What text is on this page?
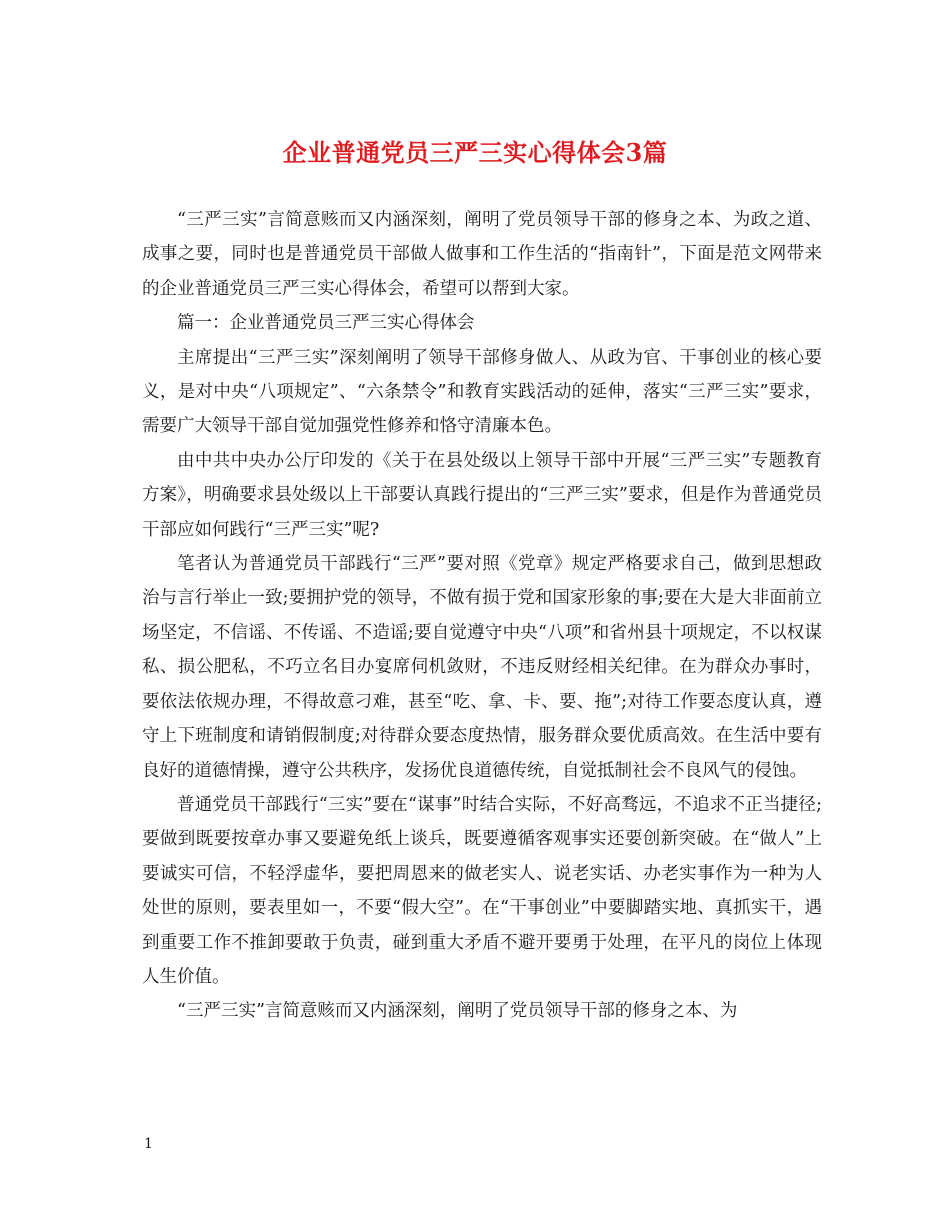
企业普通党员三严三实心得体会3篇

“三严三实”言简意赅而又内涵深刻，阐明了党员领导干部的修身之本、为政之道、成事之要，同时也是普通党员干部做人做事和工作生活的“指南针”，下面是范文网带来的企业普通党员三严三实心得体会，希望可以帮到大家。

篇一：企业普通党员三严三实心得体会

主席提出“三严三实”深刻阐明了领导干部修身做人、从政为官、干事创业的核心要义，是对中央“八项规定”、“六条禁令”和教育实践活动的延伸，落实“三严三实”要求，需要广大领导干部自觉加强党性修养和恪守清廉本色。

由中共中央办公厅印发的《关于在县处级以上领导干部中开展“三严三实”专题教育方案》，明确要求县处级以上干部要认真践行提出的“三严三实”要求，但是作为普通党员干部应如何践行“三严三实”呢?

笔者认为普通党员干部践行“三严”要对照《党章》规定严格要求自己，做到思想政治与言行举止一致;要拥护党的领导，不做有损于党和国家形象的事;要在大是大非面前立场坚定，不信谣、不传谣、不造谣;要自觉遵守中央“八项”和省州县十项规定，不以权谋私、损公肥私，不巧立名目办宴席伺机敛财，不违反财经相关纪律。在为群众办事时，要依法依规办理，不得故意刁难，甚至“吃、拿、卡、要、拖”;对待工作要态度认真，遵守上下班制度和请销假制度;对待群众要态度热情，服务群众要优质高效。在生活中要有良好的道德情操，遵守公共秩序，发扬优良道德传统，自觉抵制社会不良风气的侵蚀。

普通党员干部践行“三实”要在“谋事”时结合实际，不好高骛远，不追求不正当捷径;要做到既要按章办事又要避免纸上谈兵，既要遵循客观事实还要创新突破。在“做人”上要诚实可信，不轻浮虚华，要把周恩来的做老实人、说老实话、办老实事作为一种为人处世的原则，要表里如一，不要“假大空”。在“干事创业”中要脚踏实地、真抓实干，遇到重要工作不推卸要敢于负责，碰到重大矛盾不避开要勇于处理，在平凡的岗位上体现人生价值。

“三严三实”言简意赅而又内涵深刻，阐明了党员领导干部的修身之本、为

1
